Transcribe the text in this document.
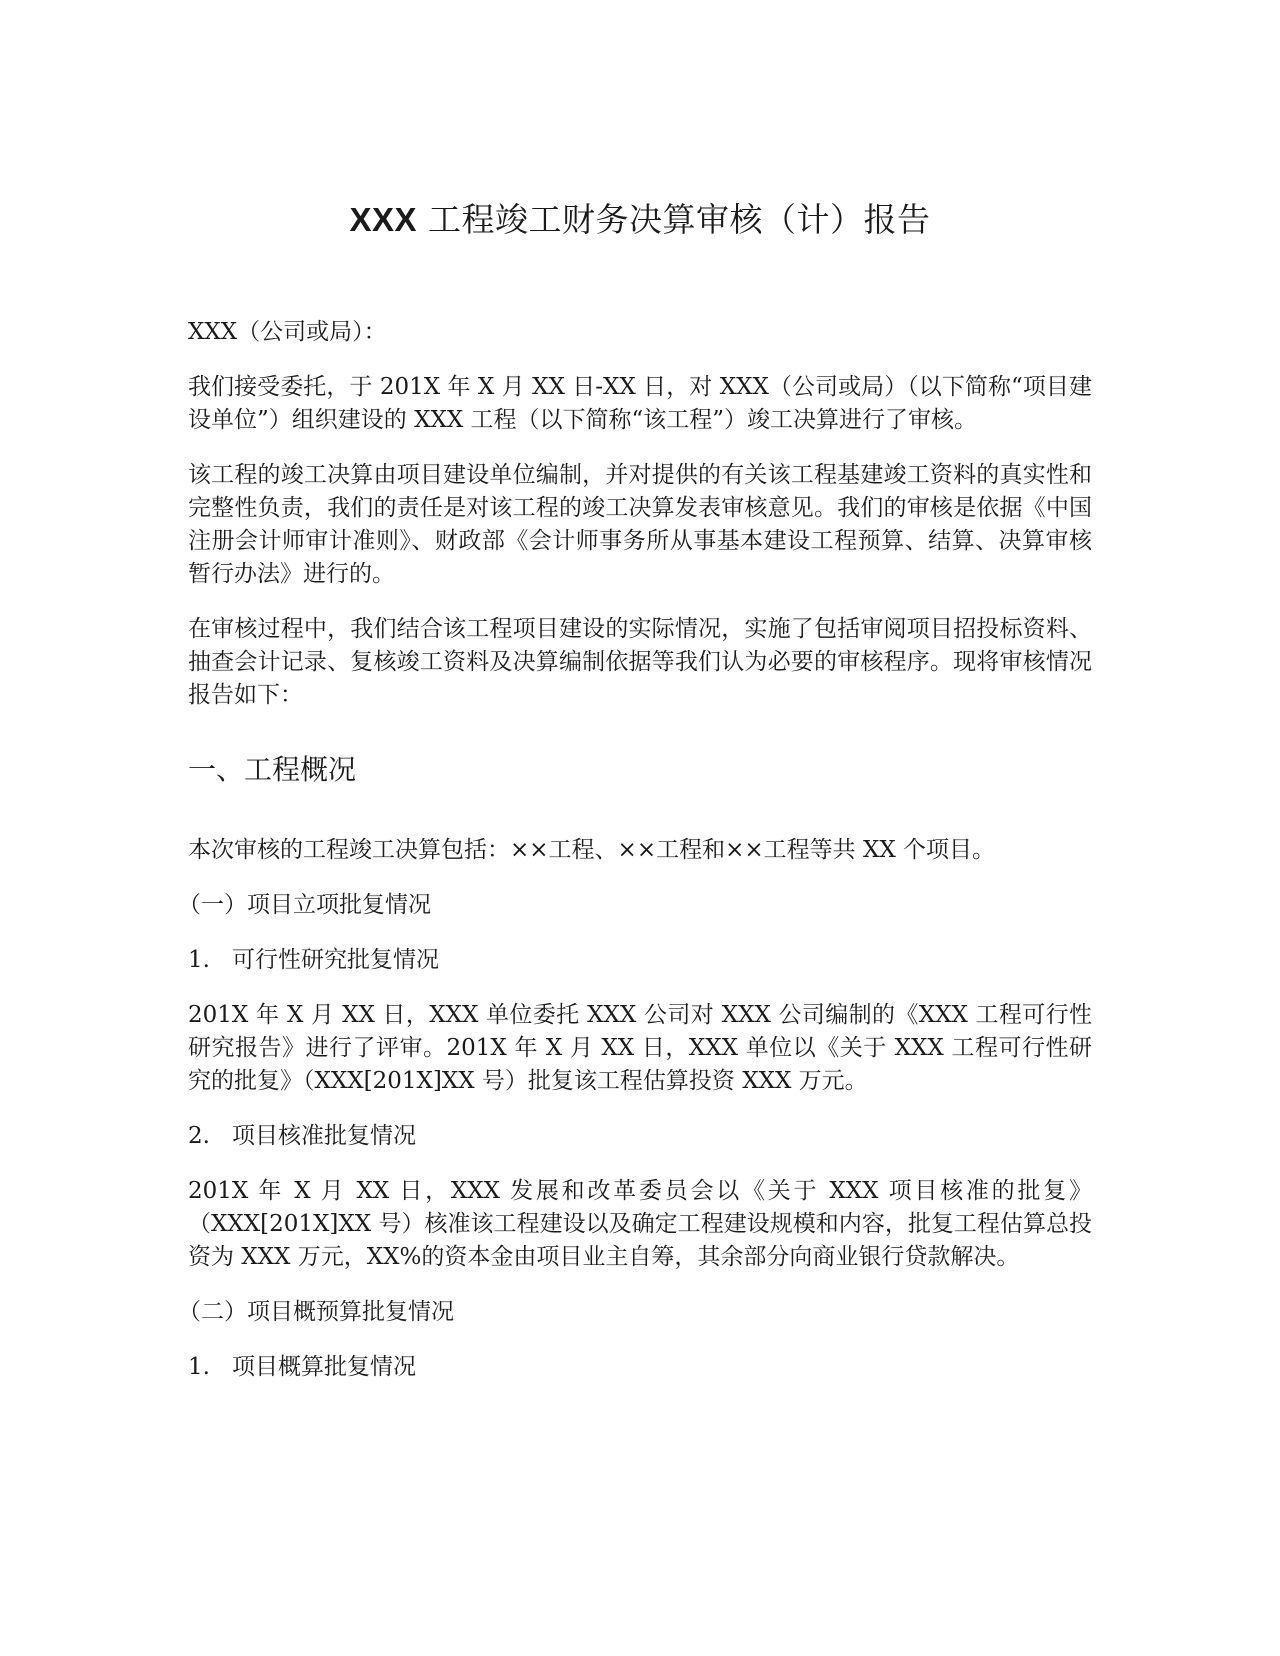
XXX 工程竣工财务决算审核（计）报告

XXX（公司或局）：

我们接受委托，于 201X 年 X 月 XX 日-XX 日，对 XXX（公司或局）（以下简称“项目建设单位”）组织建设的 XXX 工程（以下简称“该工程”）竣工决算进行了审核。

该工程的竣工决算由项目建设单位编制，并对提供的有关该工程基建竣工资料的真实性和完整性负责，我们的责任是对该工程的竣工决算发表审核意见。我们的审核是依据《中国注册会计师审计准则》、财政部《会计师事务所从事基本建设工程预算、结算、决算审核暂行办法》进行的。

在审核过程中，我们结合该工程项目建设的实际情况，实施了包括审阅项目招投标资料、抽查会计记录、复核竣工资料及决算编制依据等我们认为必要的审核程序。现将审核情况报告如下：

一、工程概况

本次审核的工程竣工决算包括：××工程、××工程和××工程等共 XX 个项目。

（一）项目立项批复情况
1. 可行性研究批复情况

201X 年 X 月 XX 日，XXX 单位委托 XXX 公司对 XXX 公司编制的《XXX 工程可行性研究报告》进行了评审。201X 年 X 月 XX 日，XXX 单位以《关于 XXX 工程可行性研究的批复》（XXX[201X]XX 号）批复该工程估算投资 XXX 万元。

2. 项目核准批复情况

201X 年 X 月 XX 日，XXX 发展和改革委员会以《关于 XXX 项目核准的批复》（XXX[201X]XX 号）核准该工程建设以及确定工程建设规模和内容，批复工程估算总投资为 XXX 万元，XX%的资本金由项目业主自筹，其余部分向商业银行贷款解决。

（二）项目概预算批复情况
1. 项目概算批复情况
